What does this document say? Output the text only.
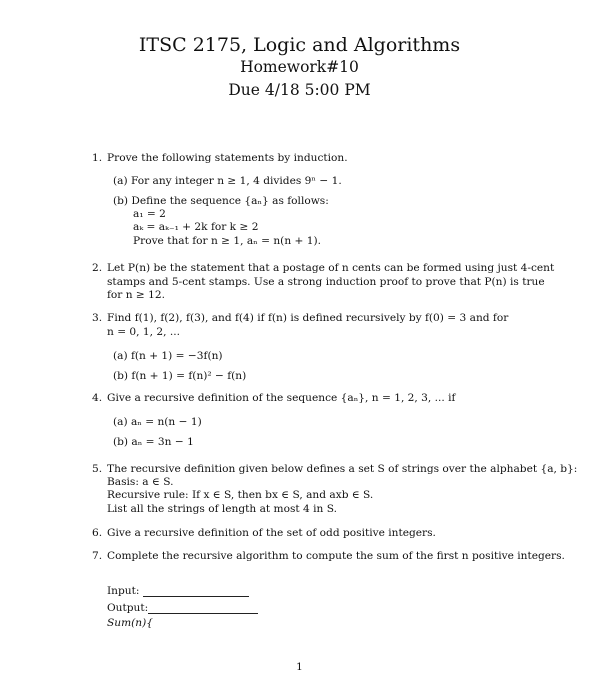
ITSC 2175, Logic and Algorithms
Homework#10
Due 4/18 5:00 PM
1. Prove the following statements by induction.
(a) For any integer n ≥ 1, 4 divides 9ⁿ − 1.
(b) Define the sequence {aₙ} as follows:
a₁ = 2
aₖ = aₖ₋₁ + 2k for k ≥ 2
Prove that for n ≥ 1, aₙ = n(n + 1).
2. Let P(n) be the statement that a postage of n cents can be formed using just 4-cent
stamps and 5-cent stamps. Use a strong induction proof to prove that P(n) is true
for n ≥ 12.
3. Find f(1), f(2), f(3), and f(4) if f(n) is defined recursively by f(0) = 3 and for
n = 0, 1, 2, ...
(a) f(n + 1) = −3f(n)
(b) f(n + 1) = f(n)² − f(n)
4. Give a recursive definition of the sequence {aₙ}, n = 1, 2, 3, ... if
(a) aₙ = n(n − 1)
(b) aₙ = 3n − 1
5. The recursive definition given below defines a set S of strings over the alphabet {a, b}:
Basis: a ∈ S.
Recursive rule: If x ∈ S, then bx ∈ S, and axb ∈ S.
List all the strings of length at most 4 in S.
6. Give a recursive definition of the set of odd positive integers.
7. Complete the recursive algorithm to compute the sum of the first n positive integers.
Input:
Output:
Sum(n){
1
